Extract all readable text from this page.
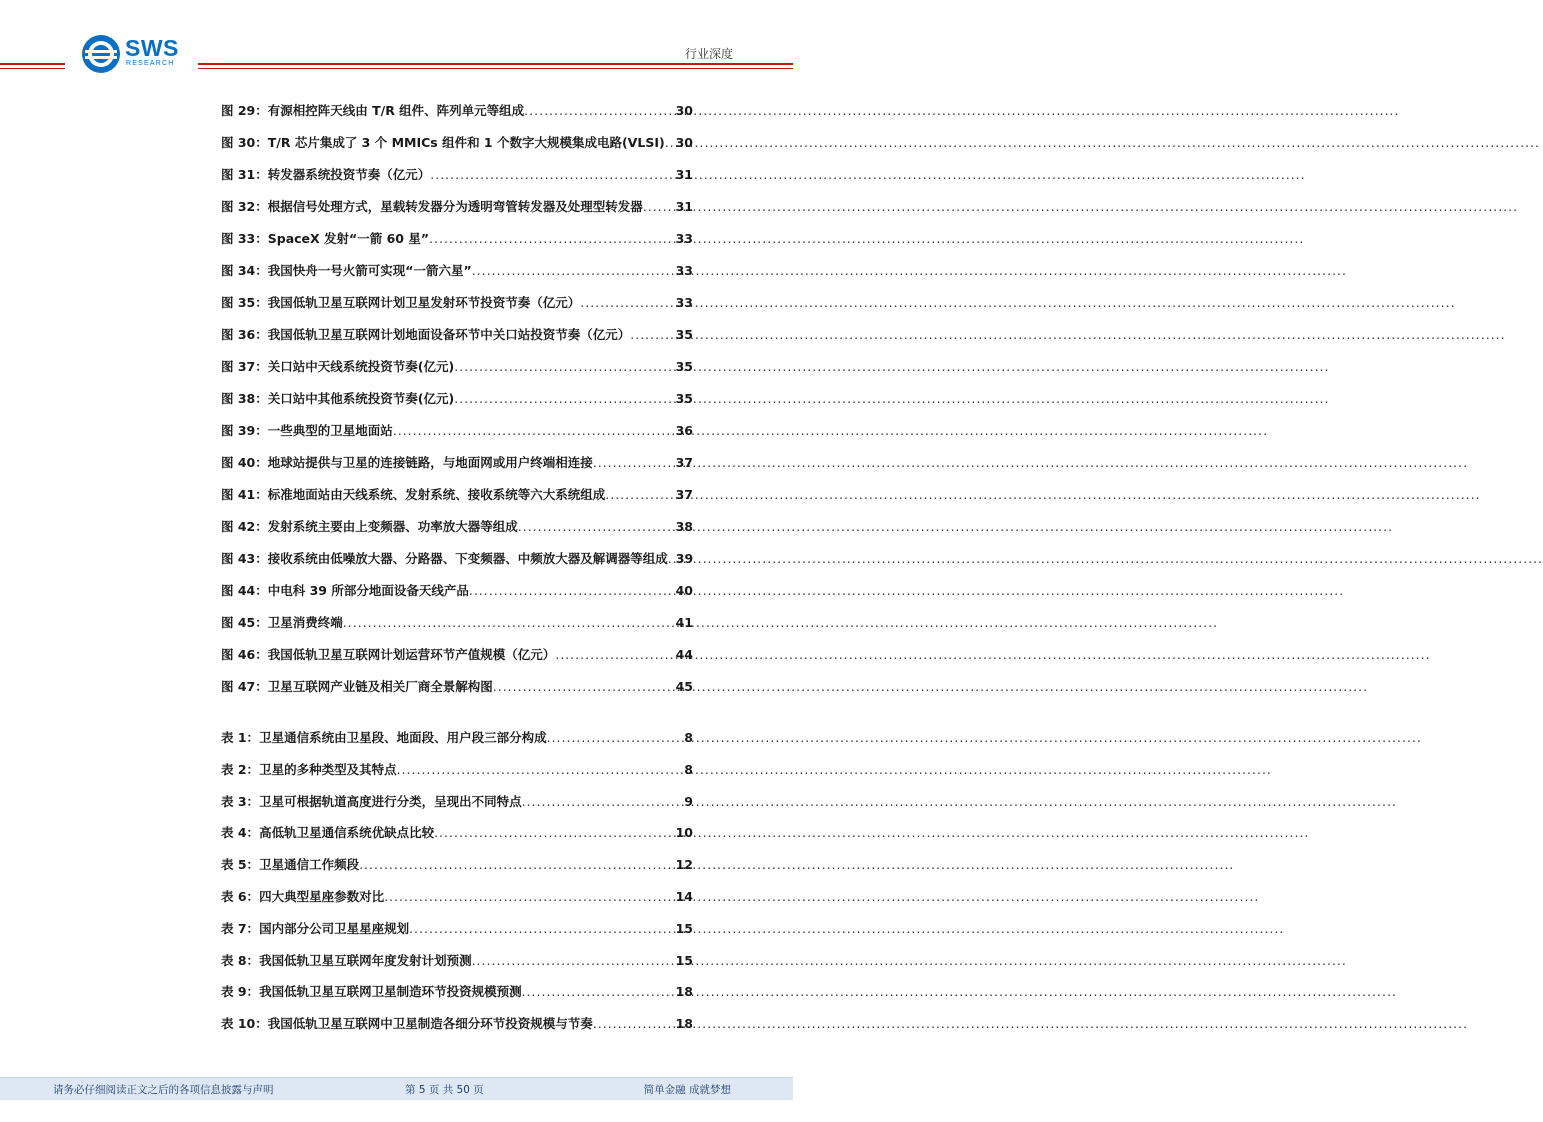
SWS
RESEARCH
行业深度
图 29： 有源相控阵天线由 T/R 组件、阵列单元等组成 .....	30
图 30： T/R 芯片集成了 3 个 MMICs 组件和 1 个数字大规模集成电路(VLSI) ..... 30
图 31： 转发器系统投资节奏（亿元） .....	31
图 32： 根据信号处理方式，星载转发器分为透明弯管转发器及处理型转发器 .....	31
图 33： SpaceX 发射“一箭 60 星” .....	33
图 34： 我国快舟一号火箭可实现“一箭六星” .....	33
图 35： 我国低轨卫星互联网计划卫星发射环节投资节奏（亿元） .....	33
图 36： 我国低轨卫星互联网计划地面设备环节中关口站投资节奏（亿元） .....	35
图 37： 关口站中天线系统投资节奏(亿元) .....	35
图 38： 关口站中其他系统投资节奏(亿元) .....	35
图 39： 一些典型的卫星地面站 .....	36
图 40： 地球站提供与卫星的连接链路，与地面网或用户终端相连接 .....	37
图 41： 标准地面站由天线系统、发射系统、接收系统等六大系统组成 .....	37
图 42： 发射系统主要由上变频器、功率放大器等组成 .....	38
图 43： 接收系统由低噪放大器、分路器、下变频器、中频放大器及解调器等组成 ..... 39
图 44： 中电科 39 所部分地面设备天线产品 .....	40
图 45： 卫星消费终端 .....	41
图 46： 我国低轨卫星互联网计划运营环节产值规模（亿元） .....	44
图 47： 卫星互联网产业链及相关厂商全景解构图 .....	45
表 1： 卫星通信系统由卫星段、地面段、用户段三部分构成 .....	8
表 2： 卫星的多种类型及其特点 .....	8
表 3： 卫星可根据轨道高度进行分类，呈现出不同特点 .....	9
表 4： 高低轨卫星通信系统优缺点比较 .....	10
表 5： 卫星通信工作频段 .....	12
表 6： 四大典型星座参数对比 .....	14
表 7： 国内部分公司卫星星座规划 .....	15
表 8： 我国低轨卫星互联网年度发射计划预测 .....	15
表 9： 我国低轨卫星互联网卫星制造环节投资规模预测 .....	18
表 10： 我国低轨卫星互联网中卫星制造各细分环节投资规模与节奏 .....	18
请务必仔细阅读正文之后的各项信息披露与声明	第 5 页 共 50 页	简单金融 成就梦想
